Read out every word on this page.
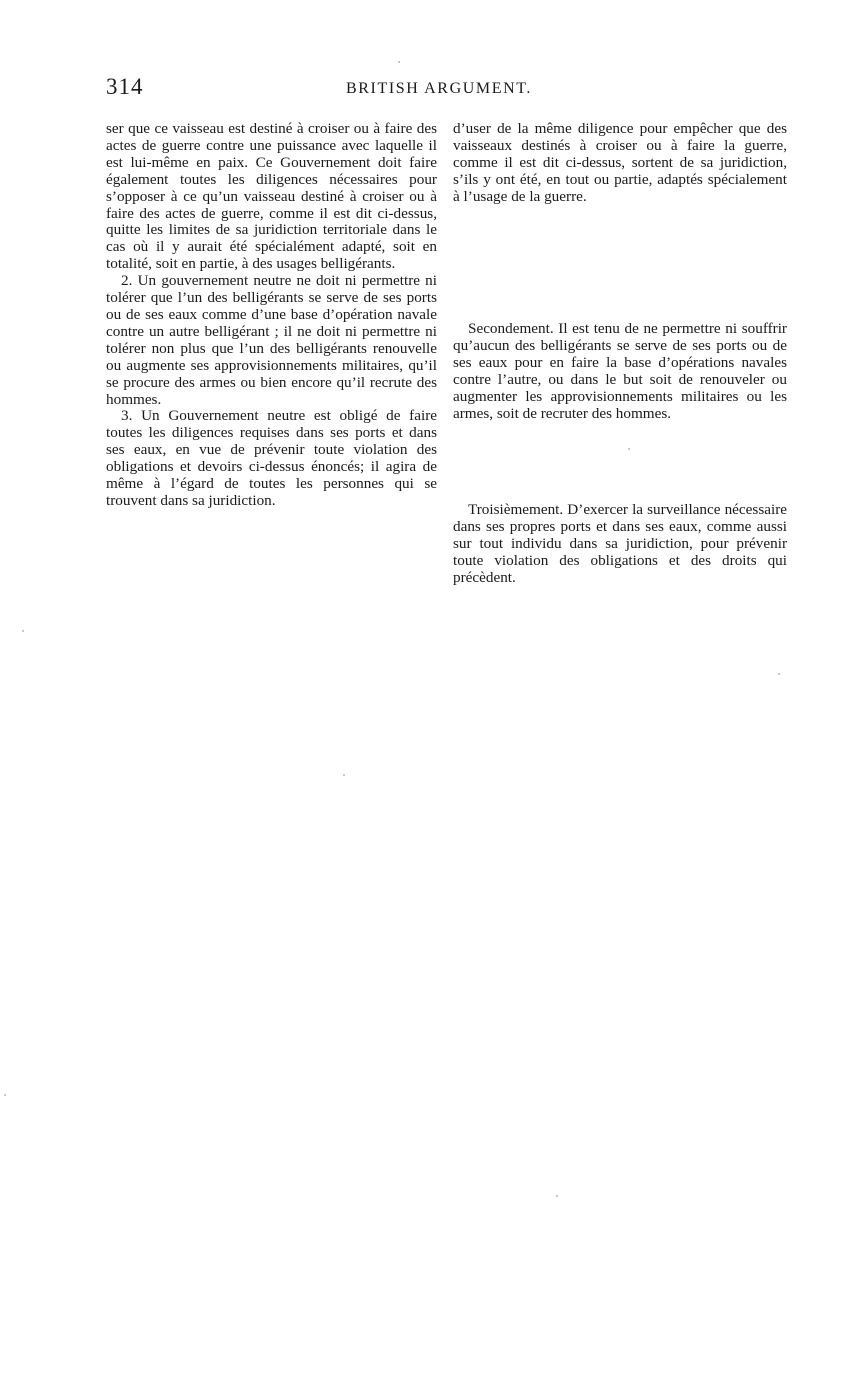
314	BRITISH ARGUMENT.

ser que ce vaisseau est destiné à croiser ou à faire des actes de guerre contre une puissance avec laquelle il est lui-même en paix. Ce Gouvernement doit faire également toutes les diligences nécessaires pour s’opposer à ce qu’un vaisseau destiné à croiser ou à faire des actes de guerre, comme il est dit ci-dessus, quitte les limites de sa juridiction territoriale dans le cas où il y aurait été spécialément adapté, soit en totalité, soit en partie, à des usages belligérants.

2. Un gouvernement neutre ne doit ni permettre ni tolérer que l’un des belligérants se serve de ses ports ou de ses eaux comme d’une base d’opération navale contre un autre belligérant ; il ne doit ni permettre ni tolérer non plus que l’un des belligérants renouvelle ou augmente ses approvisionnements militaires, qu’il se procure des armes ou bien encore qu’il recrute des hommes.

3. Un Gouvernement neutre est obligé de faire toutes les diligences requises dans ses ports et dans ses eaux, en vue de prévenir toute violation des obligations et devoirs ci-dessus énoncés; il agira de même à l’égard de toutes les personnes qui se trouvent dans sa juridiction.

d’user de la même diligence pour empêcher que des vaisseaux destinés à croiser ou à faire la guerre, comme il est dit ci-dessus, sortent de sa juridiction, s’ils y ont été, en tout ou partie, adaptés spécialement à l’usage de la guerre.

Secondement. Il est tenu de ne permettre ni souffrir qu’aucun des belligérants se serve de ses ports ou de ses eaux pour en faire la base d’opérations navales contre l’autre, ou dans le but soit de renouveler ou augmenter les approvisionnements militaires ou les armes, soit de recruter des hommes.

Troisièmement. D’exercer la surveillance nécessaire dans ses propres ports et dans ses eaux, comme aussi sur tout individu dans sa juridiction, pour prévenir toute violation des obligations et des droits qui précèdent.
